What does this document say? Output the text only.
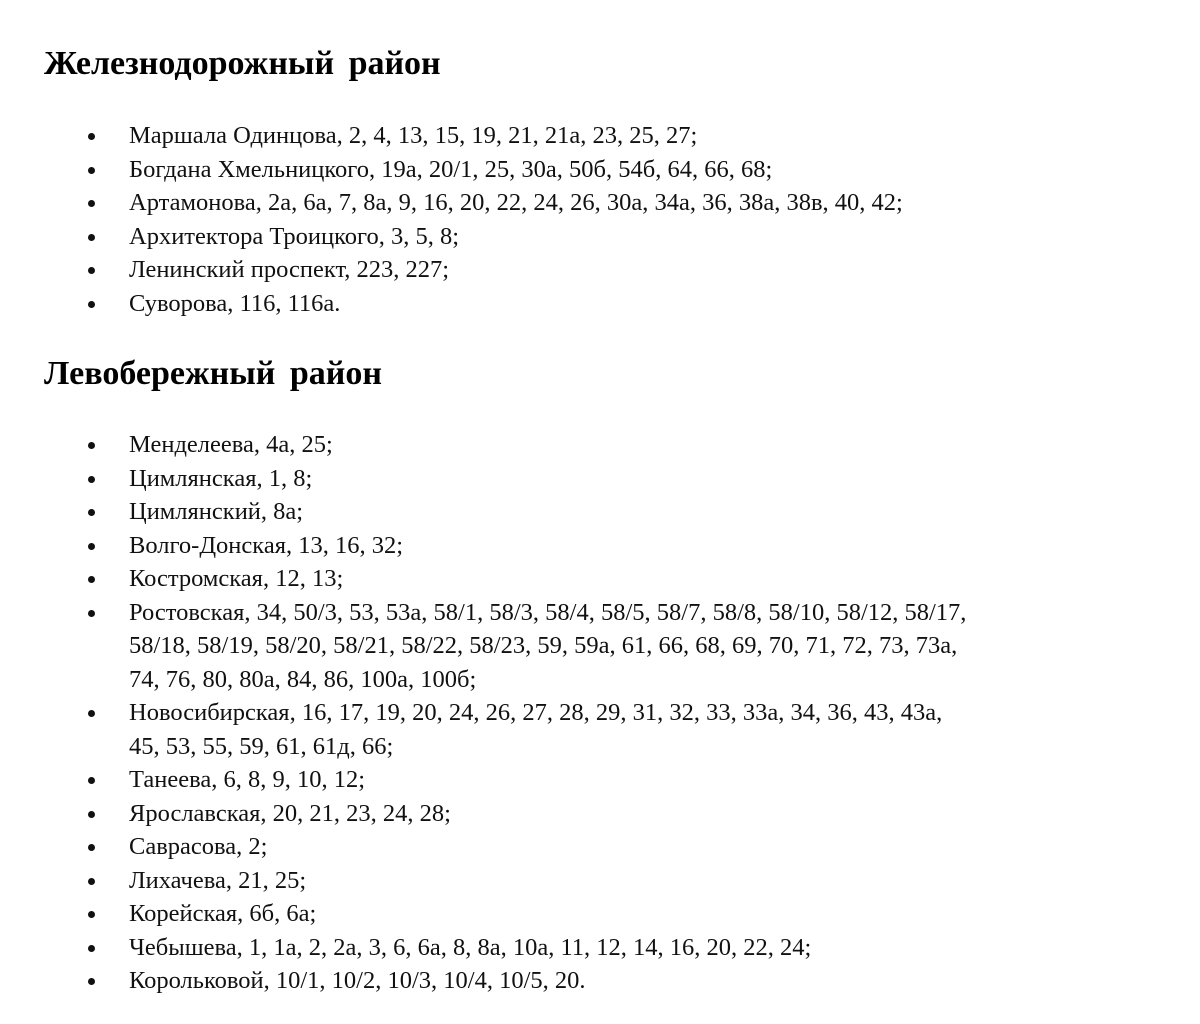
Железнодорожный район
Маршала Одинцова, 2, 4, 13, 15, 19, 21, 21а, 23, 25, 27;
Богдана Хмельницкого, 19а, 20/1, 25, 30а, 50б, 54б, 64, 66, 68;
Артамонова, 2а, 6а, 7, 8а, 9, 16, 20, 22, 24, 26, 30а, 34а, 36, 38а, 38в, 40, 42;
Архитектора Троицкого, 3, 5, 8;
Ленинский проспект, 223, 227;
Суворова, 116, 116а.
Левобережный район
Менделеева, 4а, 25;
Цимлянская, 1, 8;
Цимлянский, 8а;
Волго-Донская, 13, 16, 32;
Костромская, 12, 13;
Ростовская, 34, 50/3, 53, 53а, 58/1, 58/3, 58/4, 58/5, 58/7, 58/8, 58/10, 58/12, 58/17,
58/18, 58/19, 58/20, 58/21, 58/22, 58/23, 59, 59а, 61, 66, 68, 69, 70, 71, 72, 73, 73а,
74, 76, 80, 80а, 84, 86, 100а, 100б;
Новосибирская, 16, 17, 19, 20, 24, 26, 27, 28, 29, 31, 32, 33, 33а, 34, 36, 43, 43а,
45, 53, 55, 59, 61, 61д, 66;
Танеева, 6, 8, 9, 10, 12;
Ярославская, 20, 21, 23, 24, 28;
Саврасова, 2;
Лихачева, 21, 25;
Корейская, 6б, 6а;
Чебышева, 1, 1а, 2, 2а, 3, 6, 6а, 8, 8а, 10а, 11, 12, 14, 16, 20, 22, 24;
Корольковой, 10/1, 10/2, 10/3, 10/4, 10/5, 20.
